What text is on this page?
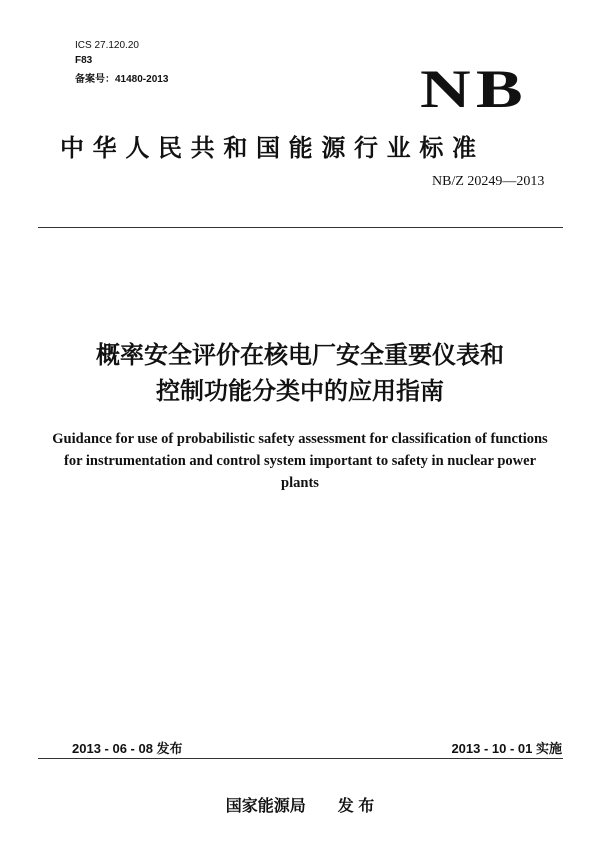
ICS 27.120.20
F83
备案号：41480-2013	NB
中 华 人 民 共 和 国 能 源 行 业 标 准
NB/Z 20249—2013
概率安全评价在核电厂安全重要仪表和
控制功能分类中的应用指南
Guidance for use of probabilistic safety assessment for classification of functions
for instrumentation and control system important to safety in nuclear power
plants
2013 - 06 - 08 发布	2013 - 10 - 01 实施
国家能源局　　发 布
